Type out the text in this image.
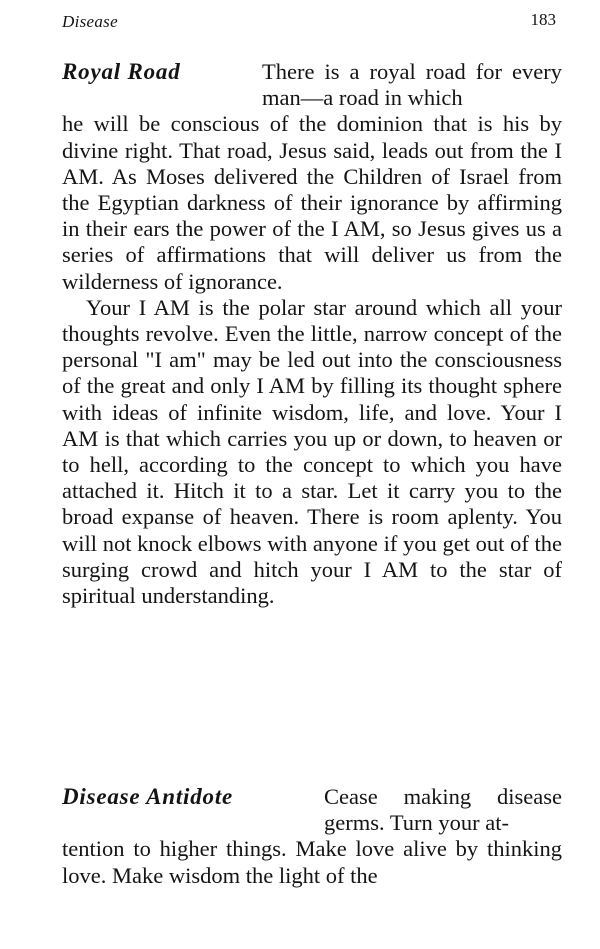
Disease	183
Royal Road	There is a royal road for every man—a road in which

he will be conscious of the dominion that is his by divine right. That road, Jesus said, leads out from the I AM. As Moses delivered the Children of Israel from the Egyptian darkness of their ignorance by affirming in their ears the power of the I AM, so Jesus gives us a series of affirmations that will deliver us from the wilderness of ignorance.

Your I AM is the polar star around which all your thoughts revolve. Even the little, narrow concept of the personal "I am" may be led out into the consciousness of the great and only I AM by filling its thought sphere with ideas of infinite wisdom, life, and love. Your I AM is that which carries you up or down, to heaven or to hell, according to the concept to which you have attached it. Hitch it to a star. Let it carry you to the broad expanse of heaven. There is room aplenty. You will not knock elbows with anyone if you get out of the surging crowd and hitch your I AM to the star of spiritual understanding.

Disease Antidote	Cease making disease germs. Turn your at-

tention to higher things. Make love alive by thinking love. Make wisdom the light of the
